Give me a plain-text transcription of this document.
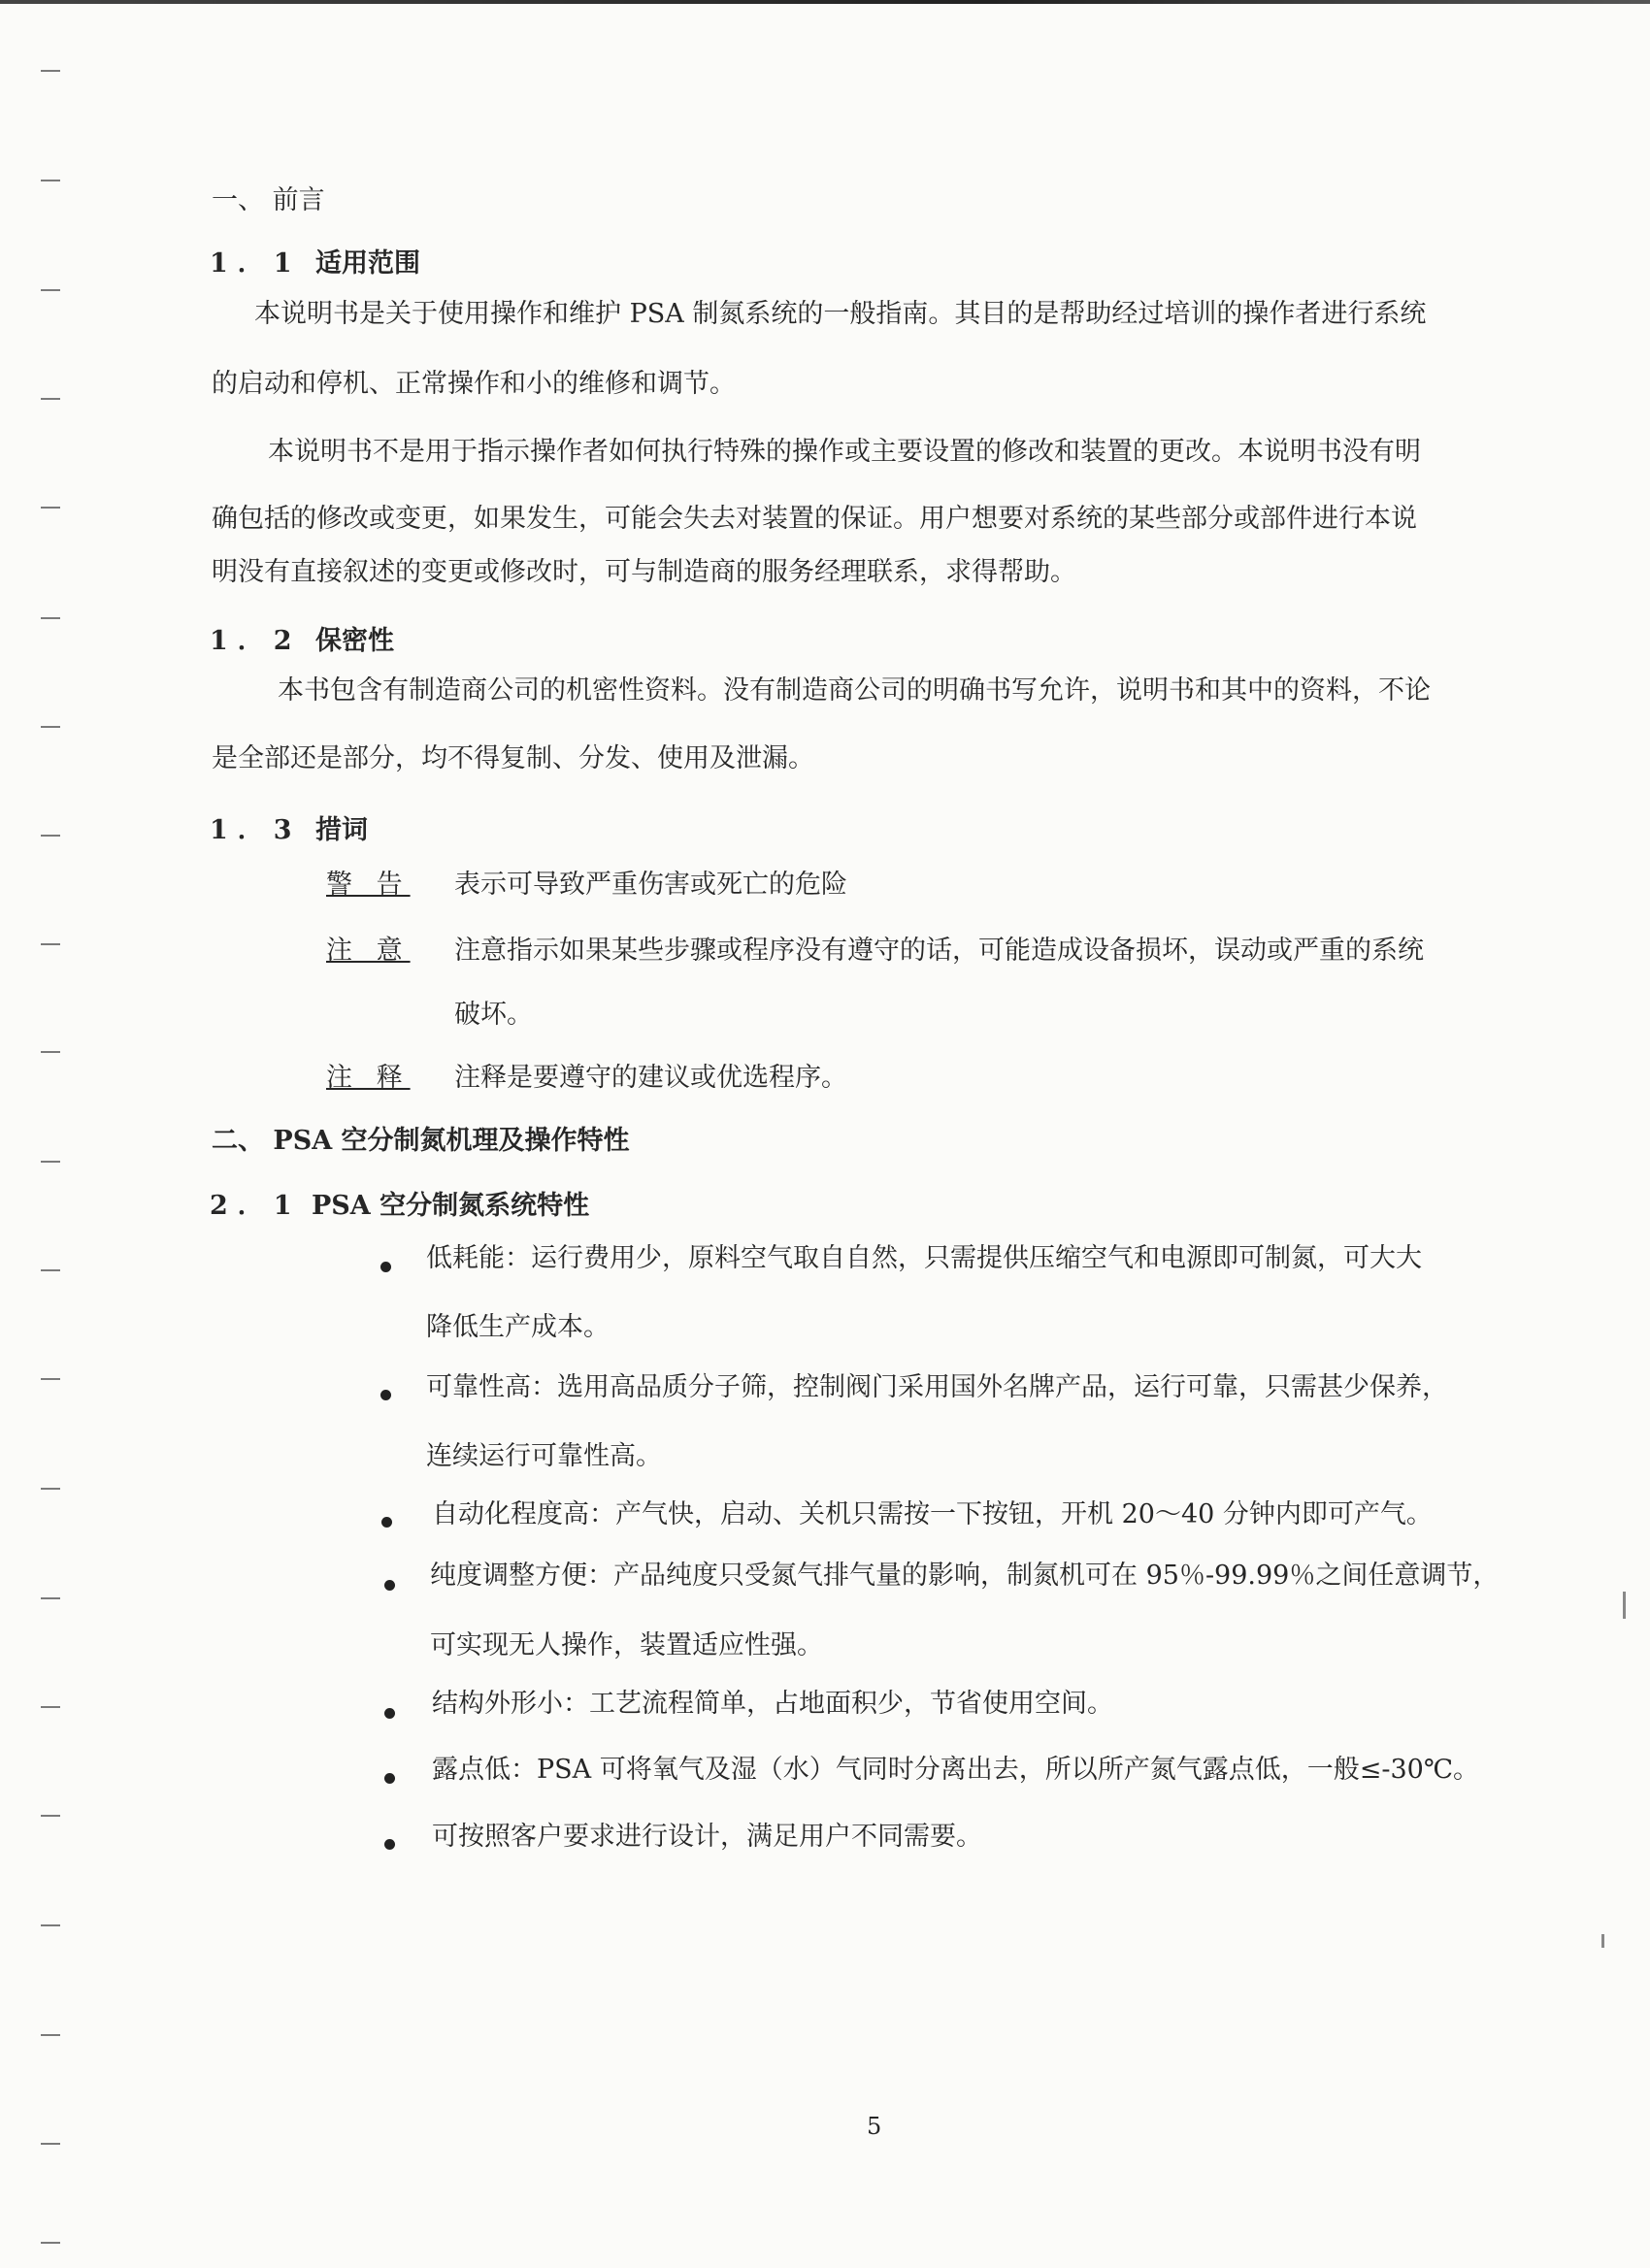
一、 前言
1．1 适用范围
本说明书是关于使用操作和维护 PSA 制氮系统的一般指南。其目的是帮助经过培训的操作者进行系统
的启动和停机、正常操作和小的维修和调节。
本说明书不是用于指示操作者如何执行特殊的操作或主要设置的修改和装置的更改。本说明书没有明
确包括的修改或变更，如果发生，可能会失去对装置的保证。用户想要对系统的某些部分或部件进行本说
明没有直接叙述的变更或修改时，可与制造商的服务经理联系，求得帮助。
1．2 保密性
本书包含有制造商公司的机密性资料。没有制造商公司的明确书写允许，说明书和其中的资料，不论
是全部还是部分，均不得复制、分发、使用及泄漏。
1．3 措词
警 告 表示可导致严重伤害或死亡的危险
注 意 注意指示如果某些步骤或程序没有遵守的话，可能造成设备损坏，误动或严重的系统
破坏。
注 释 注释是要遵守的建议或优选程序。
二、 PSA 空分制氮机理及操作特性
2．1 PSA 空分制氮系统特性
低耗能：运行费用少，原料空气取自自然，只需提供压缩空气和电源即可制氮，可大大
降低生产成本。
可靠性高：选用高品质分子筛，控制阀门采用国外名牌产品，运行可靠，只需甚少保养，
连续运行可靠性高。
自动化程度高：产气快，启动、关机只需按一下按钮，开机 20～40 分钟内即可产气。
纯度调整方便：产品纯度只受氮气排气量的影响，制氮机可在 95％-99.99％之间任意调节，
可实现无人操作，装置适应性强。
结构外形小：工艺流程简单，占地面积少，节省使用空间。
露点低：PSA 可将氧气及湿（水）气同时分离出去，所以所产氮气露点低，一般≤-30℃。
可按照客户要求进行设计，满足用户不同需要。
5
